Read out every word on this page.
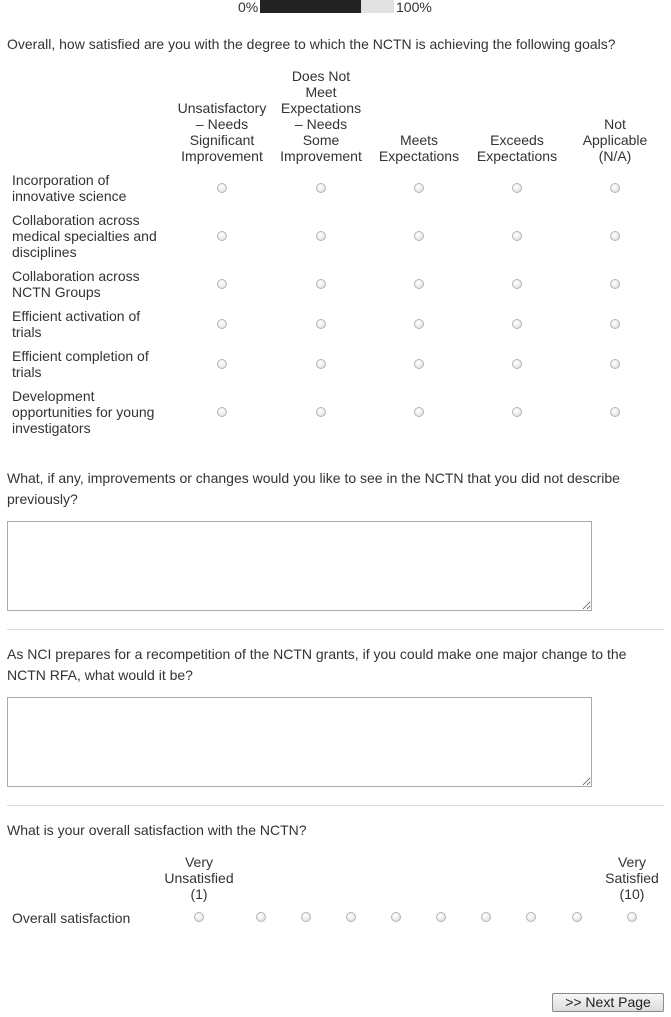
0%	100%
Overall, how satisfied are you with the degree to which the NCTN is achieving the following goals?
Unsatisfactory
– Needs
Significant
Improvement
Does Not
Meet
Expectations
– Needs
Some
Improvement
Meets
Expectations
Exceeds
Expectations
Not
Applicable
(N/A)
Incorporation of
innovative science
Collaboration across
medical specialties and
disciplines
Collaboration across
NCTN Groups
Efficient activation of
trials
Efficient completion of
trials
Development
opportunities for young
investigators
What, if any, improvements or changes would you like to see in the NCTN that you did not describe previously?
As NCI prepares for a recompetition of the NCTN grants, if you could make one major change to the NCTN RFA, what would it be?
What is your overall satisfaction with the NCTN?
Very
Unsatisfied
(1)
Very
Satisfied
(10)
Overall satisfaction
>> Next Page
